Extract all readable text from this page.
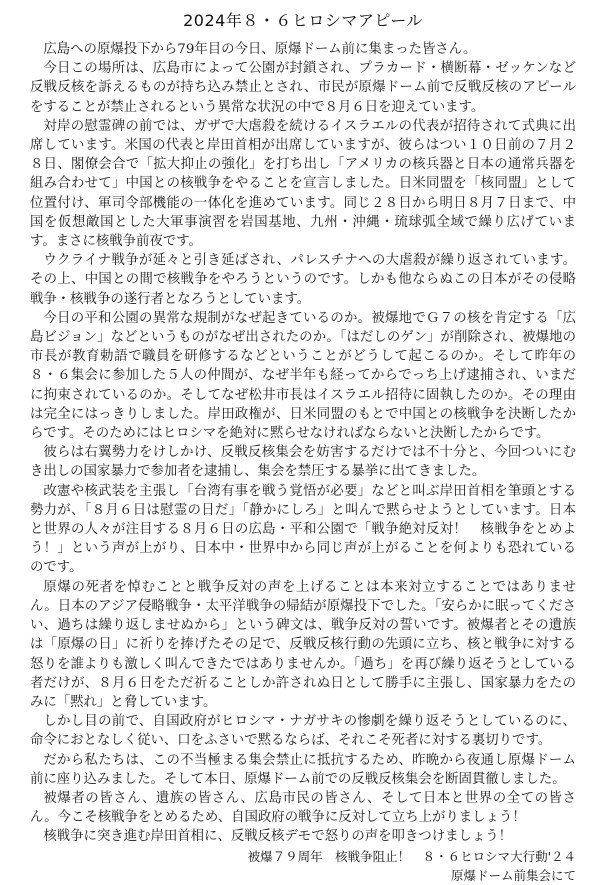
2024年８・６ヒロシマアピール

広島への原爆投下から79年目の今日、原爆ドーム前に集まった皆さん。

今日この場所は、広島市によって公園が封鎖され、プラカード・横断幕・ゼッケンなど反戦反核を訴えるものが持ち込み禁止とされ、市民が原爆ドーム前で反戦反核のアピールをすることが禁止されるという異常な状況の中で８月６日を迎えています。

対岸の慰霊碑の前では、ガザで大虐殺を続けるイスラエルの代表が招待されて式典に出席しています。米国の代表と岸田首相が出席していますが、彼らはつい１０日前の７月２８日、閣僚会合で「拡大抑止の強化」を打ち出し「アメリカの核兵器と日本の通常兵器を組み合わせて」中国との核戦争をやることを宣言しました。日米同盟を「核同盟」として位置付け、軍司令部機能の一体化を進めています。同じ２８日から明日８月７日まで、中国を仮想敵国とした大軍事演習を岩国基地、九州・沖縄・琉球弧全域で繰り広げています。まさに核戦争前夜です。

ウクライナ戦争が延々と引き延ばされ、パレスチナへの大虐殺が繰り返されています。その上、中国との間で核戦争をやろうというのです。しかも他ならぬこの日本がその侵略戦争・核戦争の遂行者となろうとしています。

今日の平和公園の異常な規制がなぜ起きているのか。被爆地でＧ７の核を肯定する「広島ビジョン」などというものがなぜ出されたのか。「はだしのゲン」が削除され、被爆地の市長が教育勅語で職員を研修するなどということがどうして起こるのか。そして昨年の８・６集会に参加した５人の仲間が、なぜ半年も経ってからでっち上げ逮捕され、いまだに拘束されているのか。そしてなぜ松井市長はイスラエル招待に固執したのか。その理由は完全にはっきりしました。岸田政権が、日米同盟のもとで中国との核戦争を決断したからです。そのためにはヒロシマを絶対に黙らせなければならないと決断したからです。

彼らは右翼勢力をけしかけ、反戦反核集会を妨害するだけでは不十分と、今回ついにむき出しの国家暴力で参加者を逮捕し、集会を禁圧する暴挙に出てきました。

改憲や核武装を主張し「台湾有事を戦う覚悟が必要」などと叫ぶ岸田首相を筆頭とする勢力が、「８月６日は慰霊の日だ」「静かにしろ」と叫んで黙らせようとしています。日本と世界の人々が注目する８月６日の広島・平和公園で「戦争絶対反対！　核戦争をとめよう！」という声が上がり、日本中・世界中から同じ声が上がることを何よりも恐れているのです。

原爆の死者を悼むことと戦争反対の声を上げることは本来対立することではありません。日本のアジア侵略戦争・太平洋戦争の帰結が原爆投下でした。「安らかに眠ってください、過ちは繰り返しませぬから」という碑文は、戦争反対の誓いです。被爆者とその遺族は「原爆の日」に祈りを捧げたその足で、反戦反核行動の先頭に立ち、核と戦争に対する怒りを誰よりも激しく叫んできたではありませんか。「過ち」を再び繰り返そうとしている者だけが、８月６日をただ祈ることしか許されぬ日として勝手に主張し、国家暴力をたのみに「黙れ」と脅しています。

しかし目の前で、自国政府がヒロシマ・ナガサキの惨劇を繰り返そうとしているのに、命令におとなしく従い、口をふさいで黙るならば、それこそ死者に対する裏切りです。

だから私たちは、この不当極まる集会禁止に抵抗するため、昨晩から夜通し原爆ドーム前に座り込みました。そして本日、原爆ドーム前での反戦反核集会を断固貫徹しました。

被爆者の皆さん、遺族の皆さん、広島市民の皆さん、そして日本と世界の全ての皆さん。今こそ核戦争をとめるため、自国政府の戦争に反対して立ち上がりましょう！

核戦争に突き進む岸田首相に、反戦反核デモで怒りの声を叩きつけましょう！

被爆７９周年　核戦争阻止！　８・６ヒロシマ大行動'２４

原爆ドーム前集会にて
